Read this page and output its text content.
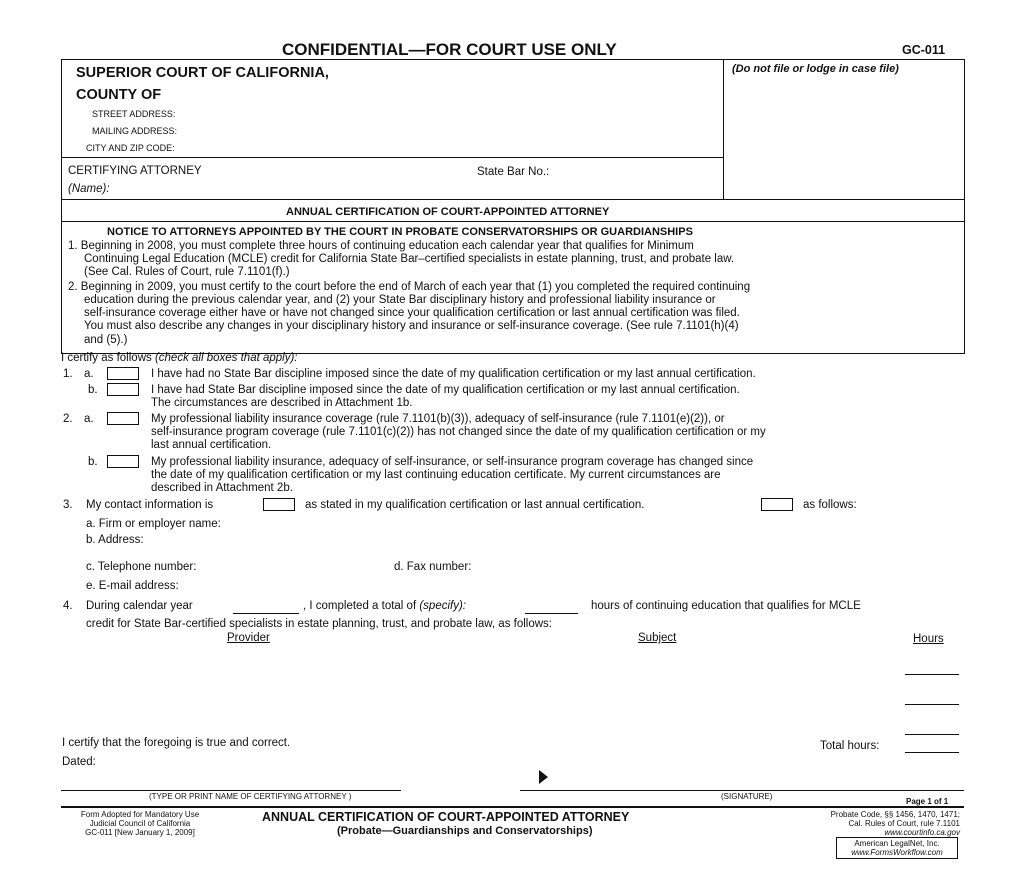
CONFIDENTIAL—FOR COURT USE ONLY	GC-011
SUPERIOR COURT OF CALIFORNIA,
COUNTY OF
STREET ADDRESS:
MAILING ADDRESS:
CITY AND ZIP CODE:
(Do not file or lodge in case file)
CERTIFYING ATTORNEY
(Name):
State Bar No.:
ANNUAL CERTIFICATION OF COURT-APPOINTED ATTORNEY
NOTICE TO ATTORNEYS APPOINTED BY THE COURT IN PROBATE CONSERVATORSHIPS OR GUARDIANSHIPS
1. Beginning in 2008, you must complete three hours of continuing education each calendar year that qualifies for Minimum
Continuing Legal Education (MCLE) credit for California State Bar–certified specialists in estate planning, trust, and probate law.
(See Cal. Rules of Court, rule 7.1101(f).)
2. Beginning in 2009, you must certify to the court before the end of March of each year that (1) you completed the required continuing
education during the previous calendar year, and (2) your State Bar disciplinary history and professional liability insurance or
self-insurance coverage either have or have not changed since your qualification certification or last annual certification was filed.
You must also describe any changes in your disciplinary history and insurance or self-insurance coverage. (See rule 7.1101(h)(4)
and (5).)
I certify as follows (check all boxes that apply):
1. a.	I have had no State Bar discipline imposed since the date of my qualification certification or my last annual certification.
b.	I have had State Bar discipline imposed since the date of my qualification certification or my last annual certification.
The circumstances are described in Attachment 1b.
2. a.	My professional liability insurance coverage (rule 7.1101(b)(3)), adequacy of self-insurance (rule 7.1101(e)(2)), or
self-insurance program coverage (rule 7.1101(c)(2)) has not changed since the date of my qualification certification or my
last annual certification.
b.	My professional liability insurance, adequacy of self-insurance, or self-insurance program coverage has changed since
the date of my qualification certification or my last continuing education certificate. My current circumstances are
described in Attachment 2b.
3. My contact information is	as stated in my qualification certification or last annual certification.	as follows:
a. Firm or employer name:
b. Address:
c. Telephone number:	d. Fax number:
e. E-mail address:
4. During calendar year	, I completed a total of (specify):	hours of continuing education that qualifies for MCLE
credit for State Bar-certified specialists in estate planning, trust, and probate law, as follows:
Provider	Subject	Hours
I certify that the foregoing is true and correct.	Total hours:
Dated:
(TYPE OR PRINT NAME OF CERTIFYING ATTORNEY )	(SIGNATURE)
Page 1 of 1
Form Adopted for Mandatory Use
Judicial Council of California
GC-011 [New January 1, 2009]
ANNUAL CERTIFICATION OF COURT-APPOINTED ATTORNEY
(Probate—Guardianships and Conservatorships)
Probate Code, §§ 1456, 1470, 1471;
Cal. Rules of Court, rule 7.1101
www.courtinfo.ca.gov
American LegalNet, Inc.
www.FormsWorkflow.com
